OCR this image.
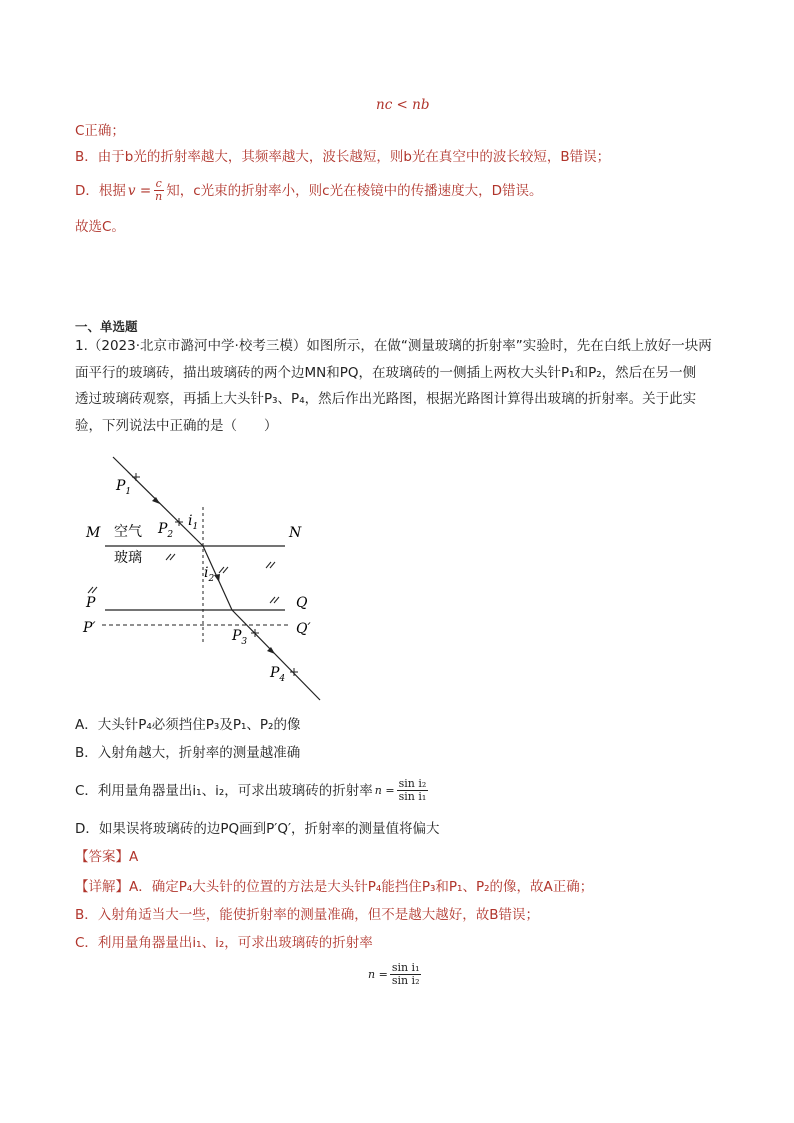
nc < nb
C正确；
B．由于b光的折射率越大，其频率越大，波长越短，则b光在真空中的波长较短，B错误；
D．根据 $v = \frac{c}{n}$ 知，c光束的折射率小，则c光在棱镜中的传播速度大，D错误。
故选C。
一、单选题
1.（2023·北京市潞河中学·校考三模）如图所示，在做“测量玻璃的折射率”实验时，先在白纸上放好一块两
面平行的玻璃砖，描出玻璃砖的两个边MN和PQ，在玻璃砖的一侧插上两枚大头针P₁和P₂，然后在另一侧
透过玻璃砖观察，再插上大头针P₃、P₄，然后作出光路图，根据光路图计算得出玻璃的折射率。关于此实
验，下列说法中正确的是（　　）
M	N
P	Q
P′	Q′
空气
玻璃
$P_1$
$P_2$
$P_3$
$P_4$
$i_1$
$i_2$
A．大头针P₄必须挡住P₃及P₁、P₂的像
B．入射角越大，折射率的测量越准确
C．利用量角器量出i₁、i₂，可求出玻璃砖的折射率 $n = \frac{\text{sin i₂}}{\text{sin i₁}}$
D．如果误将玻璃砖的边PQ画到P′Q′，折射率的测量值将偏大
【答案】A
【详解】A．确定P₄大头针的位置的方法是大头针P₄能挡住P₃和P₁、P₂的像，故A正确；
B．入射角适当大一些，能使折射率的测量准确，但不是越大越好，故B错误；
C．利用量角器量出i₁、i₂，可求出玻璃砖的折射率
$n = \frac{\text{sin i₁}}{\text{sin i₂}}$
